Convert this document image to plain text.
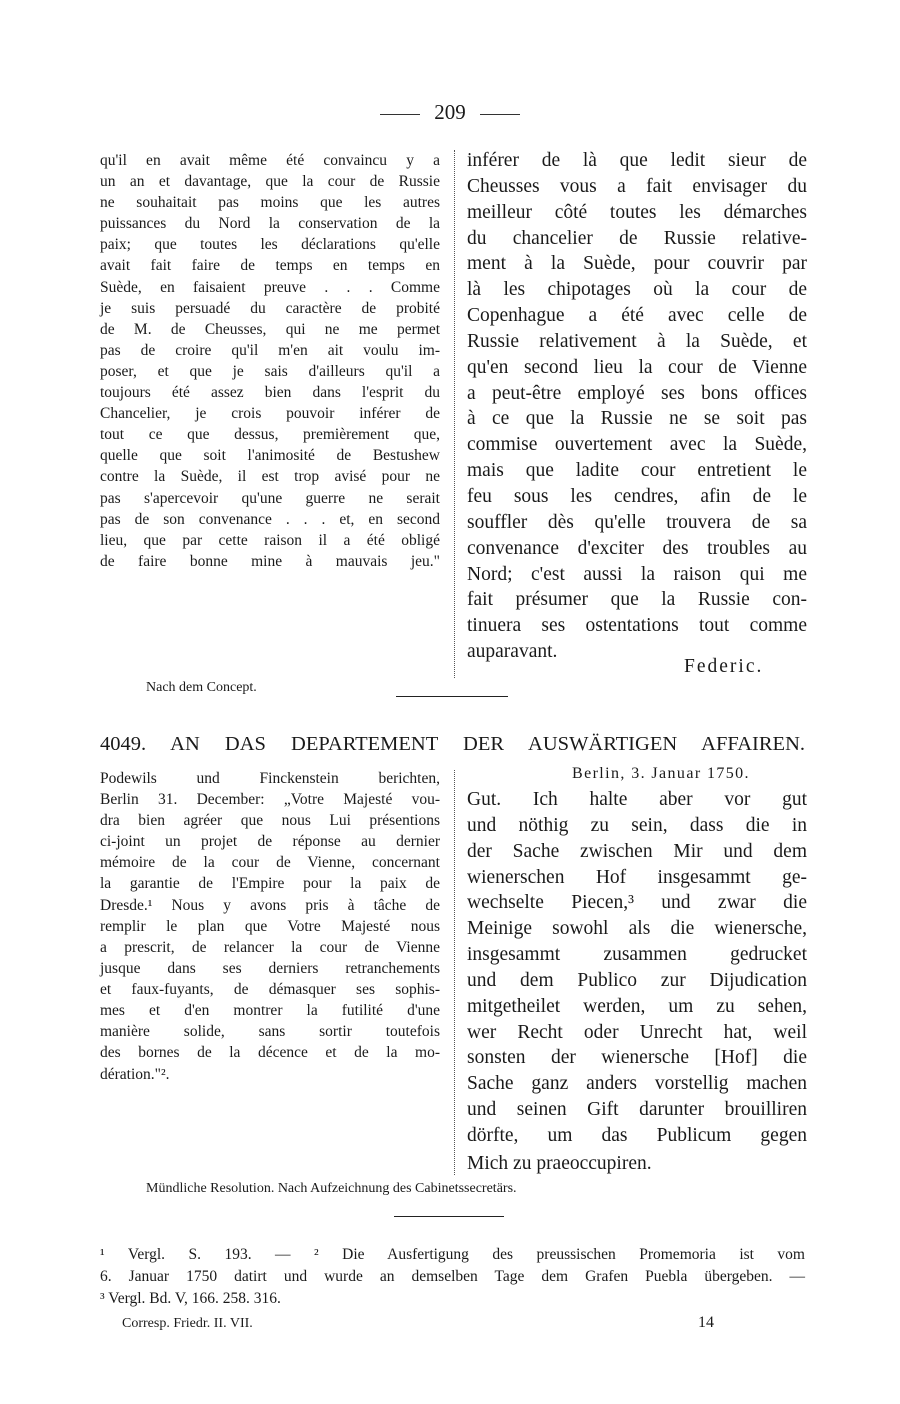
209

qu'il en avait même été convaincu y a

un an et davantage, que la cour de Russie

ne souhaitait pas moins que les autres

puissances du Nord la conservation de la

paix; que toutes les déclarations qu'elle

avait fait faire de temps en temps en

Suède, en faisaient preuve . . . Comme

je suis persuadé du caractère de probité

de M. de Cheusses, qui ne me permet

pas de croire qu'il m'en ait voulu im-

poser, et que je sais d'ailleurs qu'il a

toujours été assez bien dans l'esprit du

Chancelier, je crois pouvoir inférer de

tout ce que dessus, premièrement que,

quelle que soit l'animosité de Bestushew

contre la Suède, il est trop avisé pour ne

pas s'apercevoir qu'une guerre ne serait

pas de son convenance . . . et, en second

lieu, que par cette raison il a été obligé

de faire bonne mine à mauvais jeu."

inférer de là que ledit sieur de

Cheusses vous a fait envisager du

meilleur côté toutes les démarches

du chancelier de Russie relative-

ment à la Suède, pour couvrir par

là les chipotages où la cour de

Copenhague a été avec celle de

Russie relativement à la Suède, et

qu'en second lieu la cour de Vienne

a peut-être employé ses bons offices

à ce que la Russie ne se soit pas

commise ouvertement avec la Suède,

mais que ladite cour entretient le

feu sous les cendres, afin de le

souffler dès qu'elle trouvera de sa

convenance d'exciter des troubles au

Nord; c'est aussi la raison qui me

fait présumer que la Russie con-

tinuera ses ostentations tout comme

auparavant.
Federic.
Nach dem Concept.
4049. AN DAS DEPARTEMENT DER AUSWÄRTIGEN AFFAIREN.

Podewils und Finckenstein berichten,

Berlin 31. December: „Votre Majesté vou-

dra bien agréer que nous Lui présentions

ci-joint un projet de réponse au dernier

mémoire de la cour de Vienne, concernant

la garantie de l'Empire pour la paix de

Dresde.¹ Nous y avons pris à tâche de

remplir le plan que Votre Majesté nous

a prescrit, de relancer la cour de Vienne

jusque dans ses derniers retranchements

et faux-fuyants, de démasquer ses sophis-

mes et d'en montrer la futilité d'une

manière solide, sans sortir toutefois

des bornes de la décence et de la mo-

dération."².
Berlin, 3. Januar 1750.

Gut. Ich halte aber vor gut

und nöthig zu sein, dass die in

der Sache zwischen Mir und dem

wienerschen Hof insgesammt ge-

wechselte Piecen,³ und zwar die

Meinige sowohl als die wienersche,

insgesammt zusammen gedrucket

und dem Publico zur Dijudication

mitgetheilet werden, um zu sehen,

wer Recht oder Unrecht hat, weil

sonsten der wienersche [Hof] die

Sache ganz anders vorstellig machen

und seinen Gift darunter brouilliren

dörfte, um das Publicum gegen

Mich zu praeoccupiren.
Mündliche Resolution. Nach Aufzeichnung des Cabinetssecretärs.

¹ Vergl. S. 193. — ² Die Ausfertigung des preussischen Promemoria ist vom

6. Januar 1750 datirt und wurde an demselben Tage dem Grafen Puebla übergeben. —

³ Vergl. Bd. V, 166. 258. 316.
Corresp. Friedr. II. VII.	14
